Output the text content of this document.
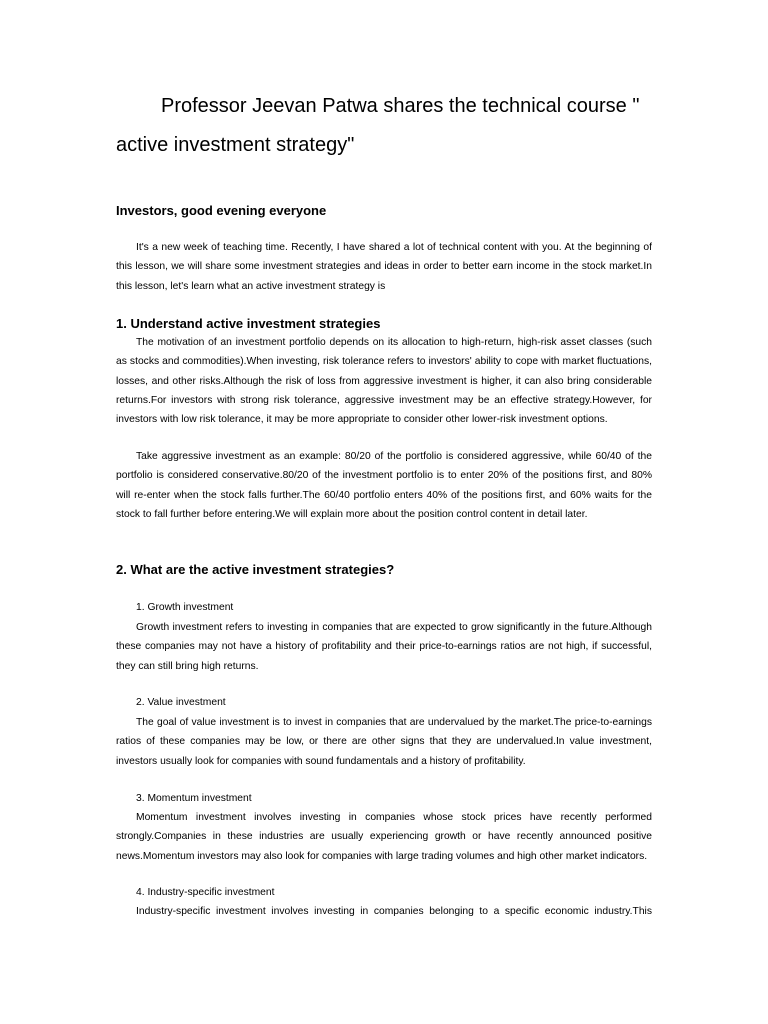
Professor Jeevan Patwa shares the technical course "
active investment strategy"

Investors, good evening everyone

It's a new week of teaching time. Recently, I have shared a lot of technical content with you. At the beginning of this lesson, we will share some investment strategies and ideas in order to better earn income in the stock market.In this lesson, let's learn what an active investment strategy is

1. Understand active investment strategies

The motivation of an investment portfolio depends on its allocation to high-return, high-risk asset classes (such as stocks and commodities).When investing, risk tolerance refers to investors' ability to cope with market fluctuations, losses, and other risks.Although the risk of loss from aggressive investment is higher, it can also bring considerable returns.For investors with strong risk tolerance, aggressive investment may be an effective strategy.However, for investors with low risk tolerance, it may be more appropriate to consider other lower-risk investment options.

Take aggressive investment as an example: 80/20 of the portfolio is considered aggressive, while 60/40 of the portfolio is considered conservative.80/20 of the investment portfolio is to enter 20% of the positions first, and 80% will re-enter when the stock falls further.The 60/40 portfolio enters 40% of the positions first, and 60% waits for the stock to fall further before entering.We will explain more about the position control content in detail later.

2. What are the active investment strategies?

1. Growth investment

Growth investment refers to investing in companies that are expected to grow significantly in the future.Although these companies may not have a history of profitability and their price-to-earnings ratios are not high, if successful, they can still bring high returns.

2. Value investment

The goal of value investment is to invest in companies that are undervalued by the market.The price-to-earnings ratios of these companies may be low, or there are other signs that they are undervalued.In value investment, investors usually look for companies with sound fundamentals and a history of profitability.

3. Momentum investment

Momentum investment involves investing in companies whose stock prices have recently performed strongly.Companies in these industries are usually experiencing growth or have recently announced positive news.Momentum investors may also look for companies with large trading volumes and high other market indicators.

4. Industry-specific investment

Industry-specific investment involves investing in companies belonging to a specific economic industry.This
